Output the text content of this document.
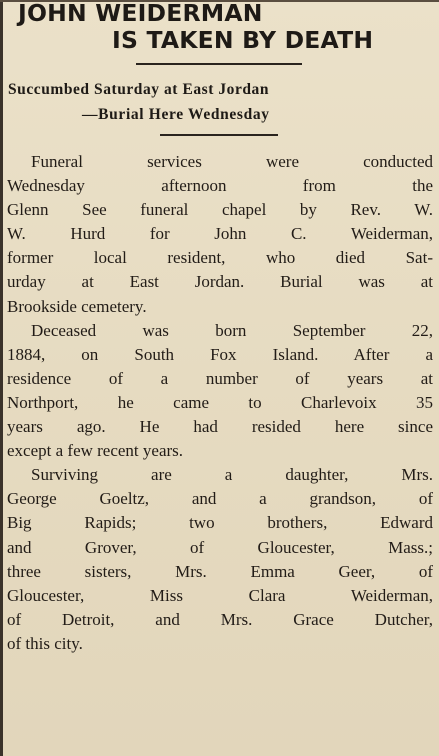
JOHN WEIDERMAN
IS TAKEN BY DEATH
Succumbed Saturday at East Jordan
—Burial Here Wednesday
Funeral services were conducted
Wednesday afternoon from the
Glenn See funeral chapel by Rev. W.
W. Hurd for John C. Weiderman,
former local resident, who died Sat-
urday at East Jordan. Burial was at
Brookside cemetery.
Deceased was born September 22,
1884, on South Fox Island. After a
residence of a number of years at
Northport, he came to Charlevoix 35
years ago. He had resided here since
except a few recent years.
Surviving are a daughter, Mrs.
George Goeltz, and a grandson, of
Big Rapids; two brothers, Edward
and Grover, of Gloucester, Mass.;
three sisters, Mrs. Emma Geer, of
Gloucester, Miss Clara Weiderman,
of Detroit, and Mrs. Grace Dutcher,
of this city.
